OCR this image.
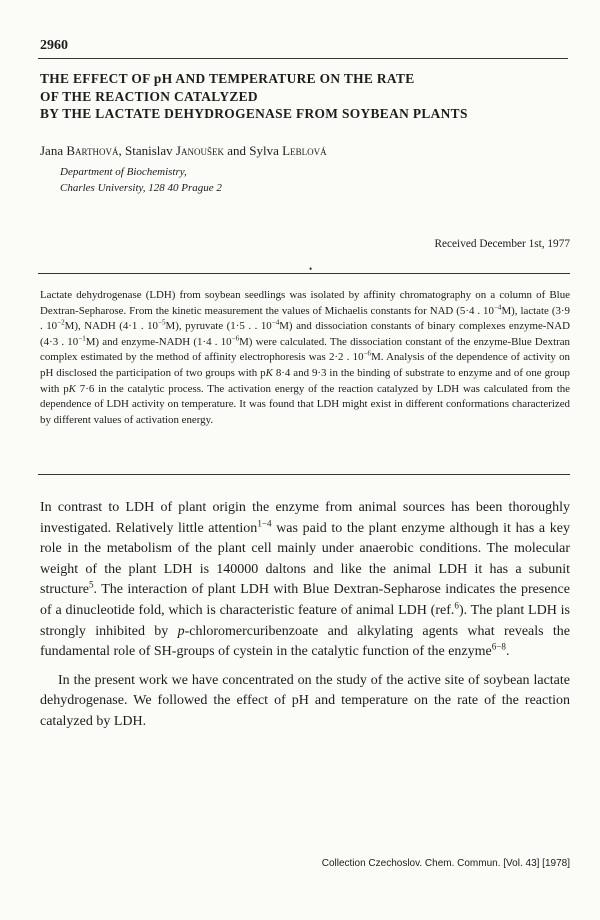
2960
THE EFFECT OF pH AND TEMPERATURE ON THE RATE
OF THE REACTION CATALYZED
BY THE LACTATE DEHYDROGENASE FROM SOYBEAN PLANTS
Jana Barthová, Stanislav Janoušek and Sylva Leblová
Department of Biochemistry,
Charles University, 128 40 Prague 2
Received December 1st, 1977
•
Lactate dehydrogenase (LDH) from soybean seedlings was isolated by affinity chromatography on a column of Blue Dextran-Sepharose. From the kinetic measurement the values of Michaelis constants for NAD (5·4 . $10^{-4}M$), lactate (3·9 . $10^{-2}M$), NADH (4·1 . $10^{-5}M$), pyruvate (1·5 . . $10^{-4}M$) and dissociation constants of binary complexes enzyme-NAD (4·3 . $10^{-1}M$) and enzyme-NADH (1·4 . $10^{-6}M$) were calculated. The dissociation constant of the enzyme-Blue Dextran complex estimated by the method of affinity electrophoresis was 2·2 . $10^{-6}M$. Analysis of the dependence of activity on pH disclosed the participation of two groups with pK 8·4 and 9·3 in the binding of substrate to enzyme and of one group with pK 7·6 in the catalytic process. The activation energy of the reaction catalyzed by LDH was calculated from the dependence of LDH activity on temperature. It was found that LDH might exist in different conformations characterized by different values of activation energy.

In contrast to LDH of plant origin the enzyme from animal sources has been thoroughly investigated. Relatively little attention$^{1-4}$ was paid to the plant enzyme although it has a key role in the metabolism of the plant cell mainly under anaerobic conditions. The molecular weight of the plant LDH is 140000 daltons and like the animal LDH it has a subunit structure$^5$. The interaction of plant LDH with Blue Dextran-Sepharose indicates the presence of a dinucleotide fold, which is characteristic feature of animal LDH (ref.$^6$). The plant LDH is strongly inhibited by p-chloromercuribenzoate and alkylating agents what reveals the fundamental role of SH-groups of cystein in the catalytic function of the enzyme$^{6-8}$.

In the present work we have concentrated on the study of the active site of soybean lactate dehydrogenase. We followed the effect of pH and temperature on the rate of the reaction catalyzed by LDH.

Collection Czechoslov. Chem. Commun. [Vol. 43] [1978]
